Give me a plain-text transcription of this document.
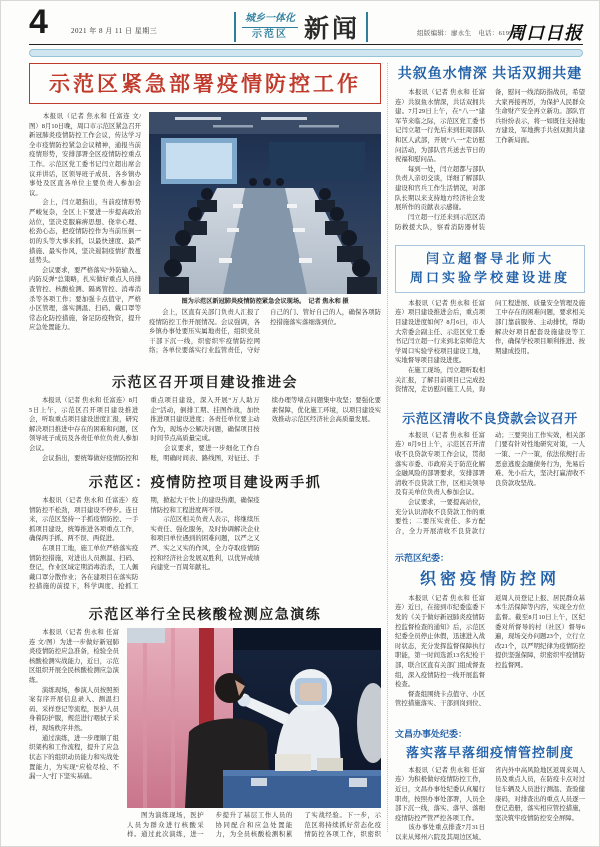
4	2021 年 8 月 11 日 星期三	$\frac{\text{城乡一体化}}{\text{示范区}}$ 新闻	组版编辑：廖永生　电话：6199516
周口日报
示范区紧急部署疫情防控工作
　　本报讯（记者 焦永和 任富连 文/图）8月10日晚，周口市示范区紧急召开新冠肺炎疫情防控工作会议，传达学习全市疫情防控紧急会议精神，通报当前疫情形势，安排部署全区疫情防控重点工作。示范区党工委书记闫立超出席会议并讲话，区领导班子成员、各乡镇办事处及区直各单位主要负责人参加会议。
　　会上，闫立超指出，当前疫情形势严峻复杂，全区上下要进一步提高政治站位，坚决克服麻痹思想、侥幸心理、松劲心态，把疫情防控作为当前压倒一切的头等大事来抓，以最快速度、最严措施、最实作风，坚决遏制疫情扩散蔓延势头。
　　会议要求，要严格落实“外防输入、内防反弹”总策略，扎实做好重点人员排查管控、核酸检测、隔离管控、消毒消杀等各项工作；要加强卡点值守，严格小区管理，落实测温、扫码、戴口罩等常态化防控措施，备足防疫物资，提升应急处置能力。
图为示范区新冠肺炎疫情防控紧急会议现场。　记者 焦永和 摄
　　会上，区直有关部门负责人汇报了疫情防控工作开展情况。会议强调，各乡镇办事处要压实属地责任，组织党员干部下沉一线，织密织牢疫情防控网络；各单位要落实行业监管责任，守好自己的门、管好自己的人，确保各项防控措施落实落细落到位。
示范区召开项目建设推进会
　　本报讯（记者 焦永和 任富连）8月5日上午，示范区召开项目建设推进会，听取重点项目建设进度汇报，研究解决项目推进中存在的困难和问题，区领导班子成员及各责任单位负责人参加会议。
　　会议指出，要统筹做好疫情防控和重点项目建设，深入开展“万人助万企”活动，倒排工期、挂图作战，加快推进项目建设进度；各责任单位要主动作为，现场办公解决问题，确保项目按时间节点高质量完成。
　　会议要求，要进一步细化工作台账，明确时间表、路线图，对征迁、手续办理等堵点问题集中攻坚；要强化要素保障，优化施工环境，以项目建设实效推动示范区经济社会高质量发展。
示范区：疫情防控项目建设两手抓
　　本报讯（记者 焦永和 任富连）疫情防控不松劲，项目建设不停步。连日来，示范区坚持一手抓疫情防控、一手抓项目建设，统筹推进各项重点工作，确保两手抓、两不误、两促进。
　　在项目工地，施工单位严格落实疫情防控措施，对进出人员测温、扫码、登记，作业区域定期消毒消杀，工人佩戴口罩分散作业；各在建项目在落实防控措施的前提下，科学调度、抢抓工期，掀起大干快上的建设热潮，确保疫情防控和工程进度两不误。
　　示范区相关负责人表示，将继续压实责任、强化服务，及时协调解决企业和项目单位遇到的困难问题，以严之又严、实之又实的作风，全力夺取疫情防控和经济社会发展双胜利，以优异成绩向建党一百周年献礼。
示范区举行全民核酸检测应急演练
　　本报讯（记者 焦永和 任富连 文/图）为进一步做好新冠肺炎疫情防控应急准备，检验全员核酸检测实战能力，近日，示范区组织开展全民核酸检测应急演练。
　　演练现场，参演人员按照预案有序开展信息录入、测温扫码、采样登记等流程，医护人员身着防护服，规范进行咽拭子采样，现场秩序井然。
　　通过演练，进一步理顺了组织架构和工作流程，提升了应急状态下的组织动员能力和实战处置能力，为实现“应检尽检、不漏一人”打下坚实基础。
　　图为演练现场，医护人员为群众进行核酸采样。通过此次演练，进一步提升了基层工作人员的协同配合和应急处置能力，为全员核酸检测积累了实战经验。下一步，示范区将持续抓好常态化疫情防控各项工作，织密织　
共叙鱼水情深 共话双拥共建
　　本报讯（记者 焦永和 任富连）共叙鱼水情深，共话双拥共建。7月29日上午，在“八一”建军节来临之际，示范区党工委书记闫立超一行先后来到驻周部队和区人武部，开展“八一”走访慰问活动，为部队官兵送去节日的祝福和慰问品。
　　每到一处，闫立超都与部队负责人亲切交谈，详细了解部队建设和官兵工作生活情况，对部队长期以来支持地方经济社会发展所作的贡献表示感谢。
　　闫立超一行还来到示范区消防救援大队，察看消防器材装备，慰问一线消防指战员，希望大家再接再厉，为保护人民群众生命财产安全再立新功。部队官兵纷纷表示，将一如既往支持地方建设，军地携手共创双拥共建工作新局面。
闫立超督导北师大
周口实验学校建设进度
　　本报讯（记者 焦永和 任富连）项目建设推进会后，重点项目建设进度如何？8月6日，市人大常委会副主任、示范区党工委书记闫立超一行来到北京师范大学周口实验学校项目建设工地，实地督导项目建设进度。
　　在施工现场，闫立超听取相关汇报，了解目前项目已完成投资情况，走访慰问施工人员，询问工程进展、质量安全管理及施工中存在的困难问题，要求相关部门靠前服务、主动排忧，帮助解决好项目配套设施建设等工作，确保学校项目顺利推进、按期建成投用。
示范区清收不良贷款会议召开
　　本报讯（记者 焦永和 任富连）8月9日上午，示范区召开清收不良贷款专项工作会议，贯彻落实市委、市政府关于防范化解金融风险的部署要求，安排部署清收不良贷款工作，区相关领导及有关单位负责人参加会议。
　　会议要求，一要提高站位，充分认识清收不良贷款工作的重要性；二要压实责任、多方配合，全力开展清收不良贷款行动；三要突出工作实效，相关部门要有针对性地研究对策，一人一策、一户一策，依法依规打击恶意逃废金融债务行为，先易后难、先小后大，坚决打赢清收不良贷款攻坚战。
示范区纪委：
织密疫情防控网
　　本报讯（记者 焦永和 任富连）近日，在接到市纪委监委下发的《关于做好新冠肺炎疫情防控监督检查的通知》后，示范区纪委全员停止休假，迅速进入战时状态，充分发挥监督保障执行职能，第一时间选派13名纪检干部，联合区直有关部门组成督查组，深入疫情防控一线开展监督检查。
　　督查组围绕卡点值守、小区管控措施落实、干部到岗到位、返周人员登记上报、居民群众基本生活保障等内容，实现全方位监督。截至8月10日上午，区纪委对所督导的村（社区）督导6遍，现场交办问题23个，立行立改21个，以严明纪律为疫情防控提供坚强保障，织密织牢疫情防控监督网。
文昌办事处纪委：
落实落早落细疫情管控制度
　　本报讯（记者 焦永和 任富连）为积极做好疫情防控工作，近日，文昌办事处纪委认真履行职责，按照办事处部署，人员全部下沉一线，落实、落早、落细疫情防控严管严控各项工作。
　　该办事处重点排查7月31日以来从郑州六院及其周边区域、省内外中高风险地区返周来周人员及重点人员，在防疫卡点对过往车辆及人员进行测温、查验健康码，对排查出的重点人员逐一登记造册，落实相应管控措施，坚决筑牢疫情防控安全屏障。
